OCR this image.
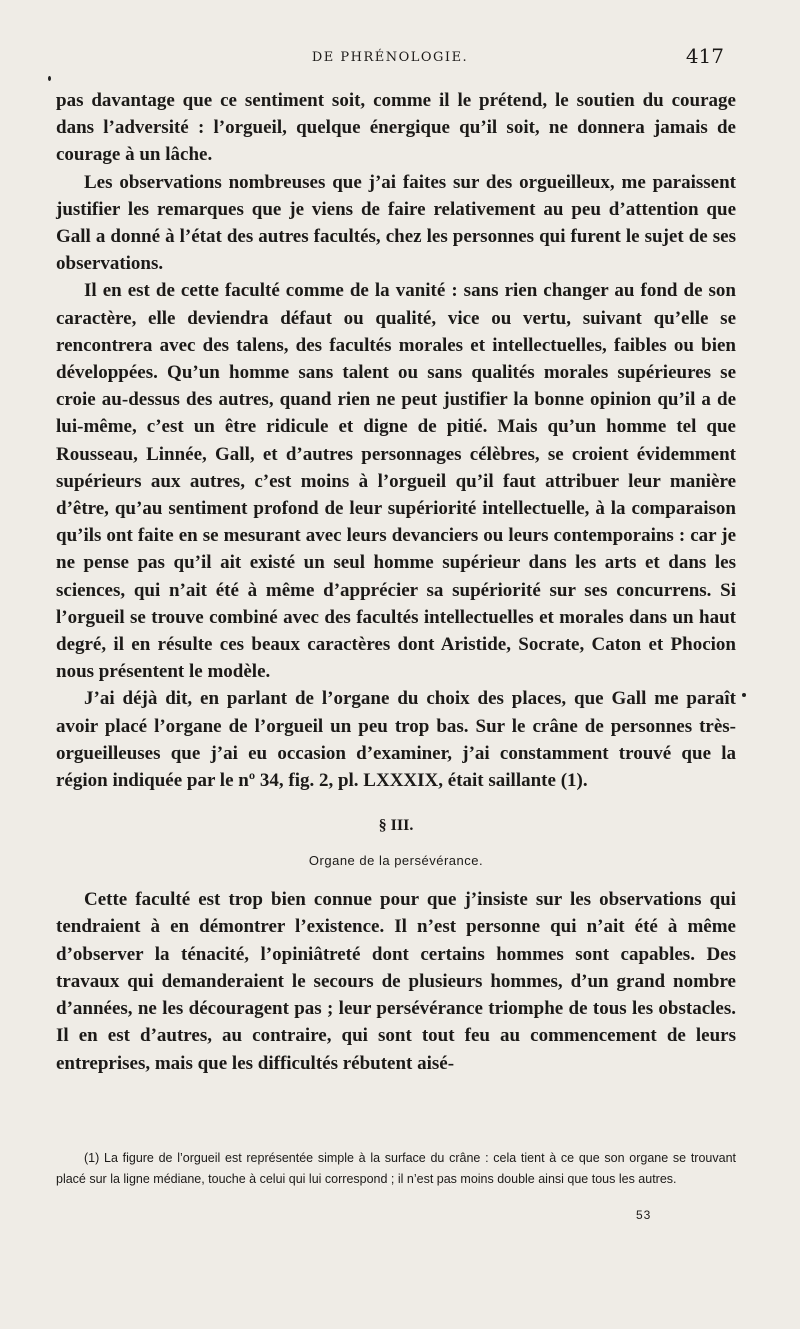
DE PHRÉNOLOGIE.	417

pas davantage que ce sentiment soit, comme il le prétend, le soutien du courage dans l’adversité : l’orgueil, quelque énergique qu’il soit, ne donnera jamais de courage à un lâche.

Les observations nombreuses que j’ai faites sur des orgueilleux, me paraissent justifier les remarques que je viens de faire relativement au peu d’attention que Gall a donné à l’état des autres facultés, chez les personnes qui furent le sujet de ses observations.

Il en est de cette faculté comme de la vanité : sans rien changer au fond de son caractère, elle deviendra défaut ou qualité, vice ou vertu, suivant qu’elle se rencontrera avec des talens, des facultés morales et intellectuelles, faibles ou bien développées. Qu’un homme sans talent ou sans qualités morales supérieures se croie au-dessus des autres, quand rien ne peut justifier la bonne opinion qu’il a de lui-même, c’est un être ridicule et digne de pitié. Mais qu’un homme tel que Rousseau, Linnée, Gall, et d’autres personnages célèbres, se croient évidemment supérieurs aux autres, c’est moins à l’orgueil qu’il faut attribuer leur manière d’être, qu’au sentiment profond de leur supériorité intellectuelle, à la comparaison qu’ils ont faite en se mesurant avec leurs devanciers ou leurs contemporains : car je ne pense pas qu’il ait existé un seul homme supérieur dans les arts et dans les sciences, qui n’ait été à même d’apprécier sa supériorité sur ses concurrens. Si l’orgueil se trouve combiné avec des facultés intellectuelles et morales dans un haut degré, il en résulte ces beaux caractères dont Aristide, Socrate, Caton et Phocion nous présentent le modèle.

J’ai déjà dit, en parlant de l’organe du choix des places, que Gall me paraît avoir placé l’organe de l’orgueil un peu trop bas. Sur le crâne de personnes très-orgueilleuses que j’ai eu occasion d’examiner, j’ai constamment trouvé que la région indiquée par le nº 34, fig. 2, pl. LXXXIX, était saillante (1).

§ III.
Organe de la persévérance.

Cette faculté est trop bien connue pour que j’insiste sur les observations qui tendraient à en démontrer l’existence. Il n’est personne qui n’ait été à même d’observer la ténacité, l’opiniâtreté dont certains hommes sont capables. Des travaux qui demanderaient le secours de plusieurs hommes, d’un grand nombre d’années, ne les découragent pas ; leur persévérance triomphe de tous les obstacles. Il en est d’autres, au contraire, qui sont tout feu au commencement de leurs entreprises, mais que les difficultés rébutent aisé-

(1) La figure de l’orgueil est représentée simple à la surface du crâne : cela tient à ce que son organe se trouvant placé sur la ligne médiane, touche à celui qui lui correspond ; il n’est pas moins double ainsi que tous les autres.
53
